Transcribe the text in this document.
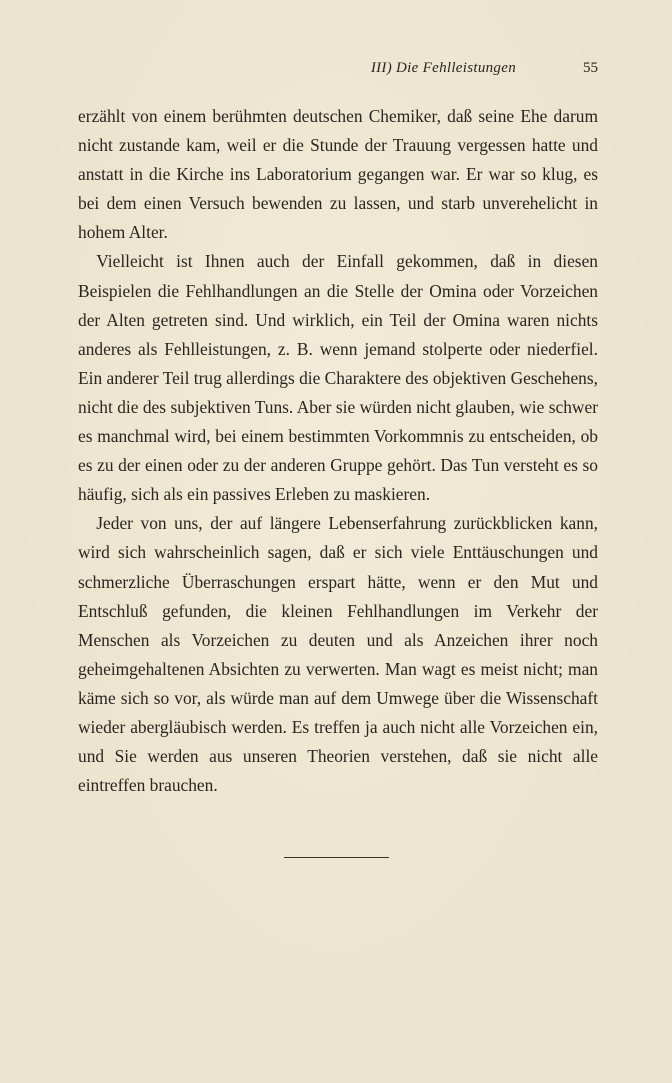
III) Die Fehlleistungen	55

erzählt von einem berühmten deutschen Chemiker, daß seine Ehe darum nicht zustande kam, weil er die Stunde der Trauung vergessen hatte und anstatt in die Kirche ins Laboratorium gegangen war. Er war so klug, es bei dem einen Versuch bewenden zu lassen, und starb unverehelicht in hohem Alter.

Vielleicht ist Ihnen auch der Einfall gekommen, daß in diesen Beispielen die Fehlhandlungen an die Stelle der Omina oder Vorzeichen der Alten getreten sind. Und wirklich, ein Teil der Omina waren nichts anderes als Fehlleistungen, z. B. wenn jemand stolperte oder niederfiel. Ein anderer Teil trug allerdings die Charaktere des objektiven Geschehens, nicht die des subjektiven Tuns. Aber sie würden nicht glauben, wie schwer es manchmal wird, bei einem bestimmten Vorkommnis zu entscheiden, ob es zu der einen oder zu der anderen Gruppe gehört. Das Tun versteht es so häufig, sich als ein passives Erleben zu maskieren.

Jeder von uns, der auf längere Lebenserfahrung zurückblicken kann, wird sich wahrscheinlich sagen, daß er sich viele Enttäuschungen und schmerzliche Überraschungen erspart hätte, wenn er den Mut und Entschluß gefunden, die kleinen Fehlhandlungen im Verkehr der Menschen als Vorzeichen zu deuten und als Anzeichen ihrer noch geheimgehaltenen Absichten zu verwerten. Man wagt es meist nicht; man käme sich so vor, als würde man auf dem Umwege über die Wissenschaft wieder abergläubisch werden. Es treffen ja auch nicht alle Vorzeichen ein, und Sie werden aus unseren Theorien verstehen, daß sie nicht alle eintreffen brauchen.
